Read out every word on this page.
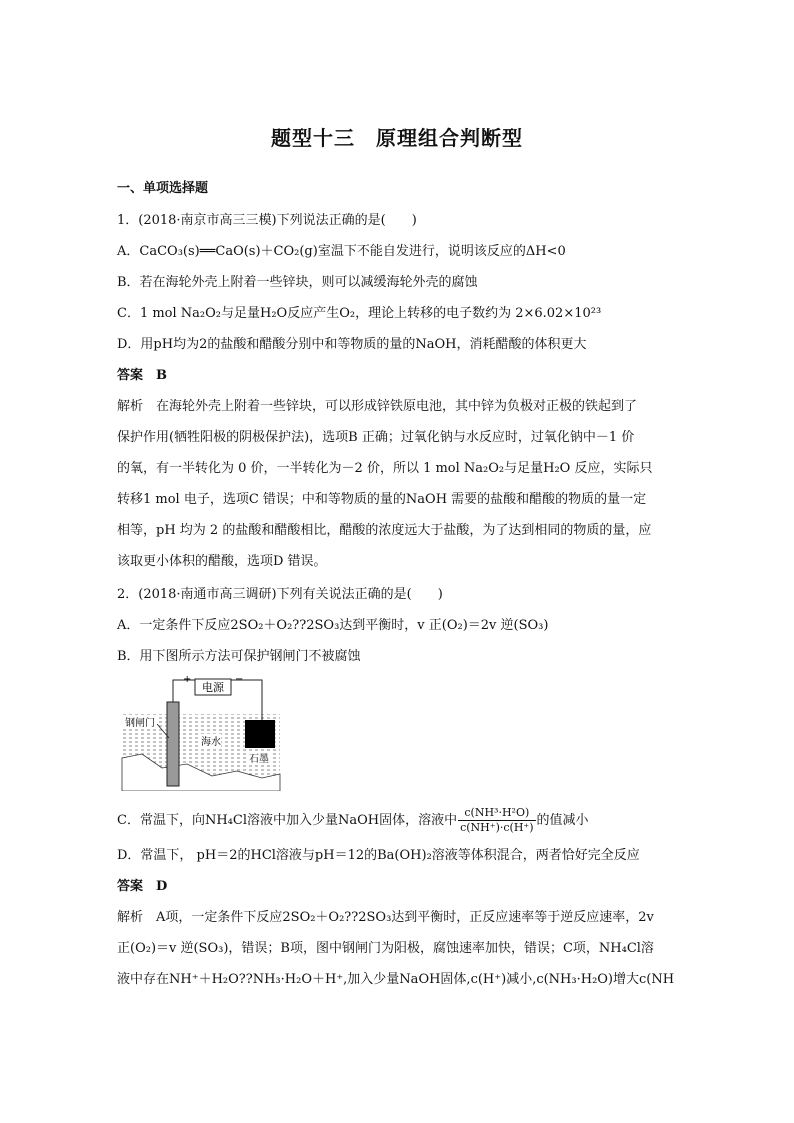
题型十三　原理组合判断型
一、单项选择题
1．(2018·南京市高三三模)下列说法正确的是(　　)
A．CaCO₃(s)══CaO(s)＋CO₂(g)室温下不能自发进行，说明该反应的ΔH<0
B．若在海轮外壳上附着一些锌块，则可以减缓海轮外壳的腐蚀
C．1 mol Na₂O₂与足量H₂O反应产生O₂，理论上转移的电子数约为 2×6.02×10²³
D．用pH均为2的盐酸和醋酸分别中和等物质的量的NaOH，消耗醋酸的体积更大
答案　B
解析　在海轮外壳上附着一些锌块，可以形成锌铁原电池，其中锌为负极对正极的铁起到了
保护作用(牺牲阳极的阴极保护法)，选项B 正确；过氧化钠与水反应时，过氧化钠中－1 价
的氧，有一半转化为 0 价，一半转化为－2 价，所以 1 mol Na₂O₂与足量H₂O 反应，实际只
转移1 mol 电子，选项C 错误；中和等物质的量的NaOH 需要的盐酸和醋酸的物质的量一定
相等，pH 均为 2 的盐酸和醋酸相比，醋酸的浓度远大于盐酸，为了达到相同的物质的量，应
该取更小体积的醋酸，选项D 错误。
2．(2018·南通市高三调研)下列有关说法正确的是(　　)
A．一定条件下反应2SO₂＋O₂??2SO₃达到平衡时，v 正(O₂)＝2v 逆(SO₃)
B．用下图所示方法可保护钢闸门不被腐蚀
电源
+	−
钢闸门
海水
石墨
C．常温下，向NH₄Cl溶液中加入少量NaOH固体，溶液中 $\frac{\text{c(NH³·H²O)}}{c(NH^+)\cdot c(H^+)}$ 的值减小
D．常温下， pH＝2的HCl溶液与pH＝12的Ba(OH)₂溶液等体积混合，两者恰好完全反应
答案　D
解析　A项，一定条件下反应2SO₂＋O₂??2SO₃达到平衡时，正反应速率等于逆反应速率，2v
正(O₂)＝v 逆(SO₃)，错误；B项，图中钢闸门为阳极，腐蚀速率加快，错误；C项，NH₄Cl溶
液中存在NH⁺＋H₂O??NH₃·H₂O＋H⁺,加入少量NaOH固体,c(H⁺)减小,c(NH₃·H₂O)增大c(NH
